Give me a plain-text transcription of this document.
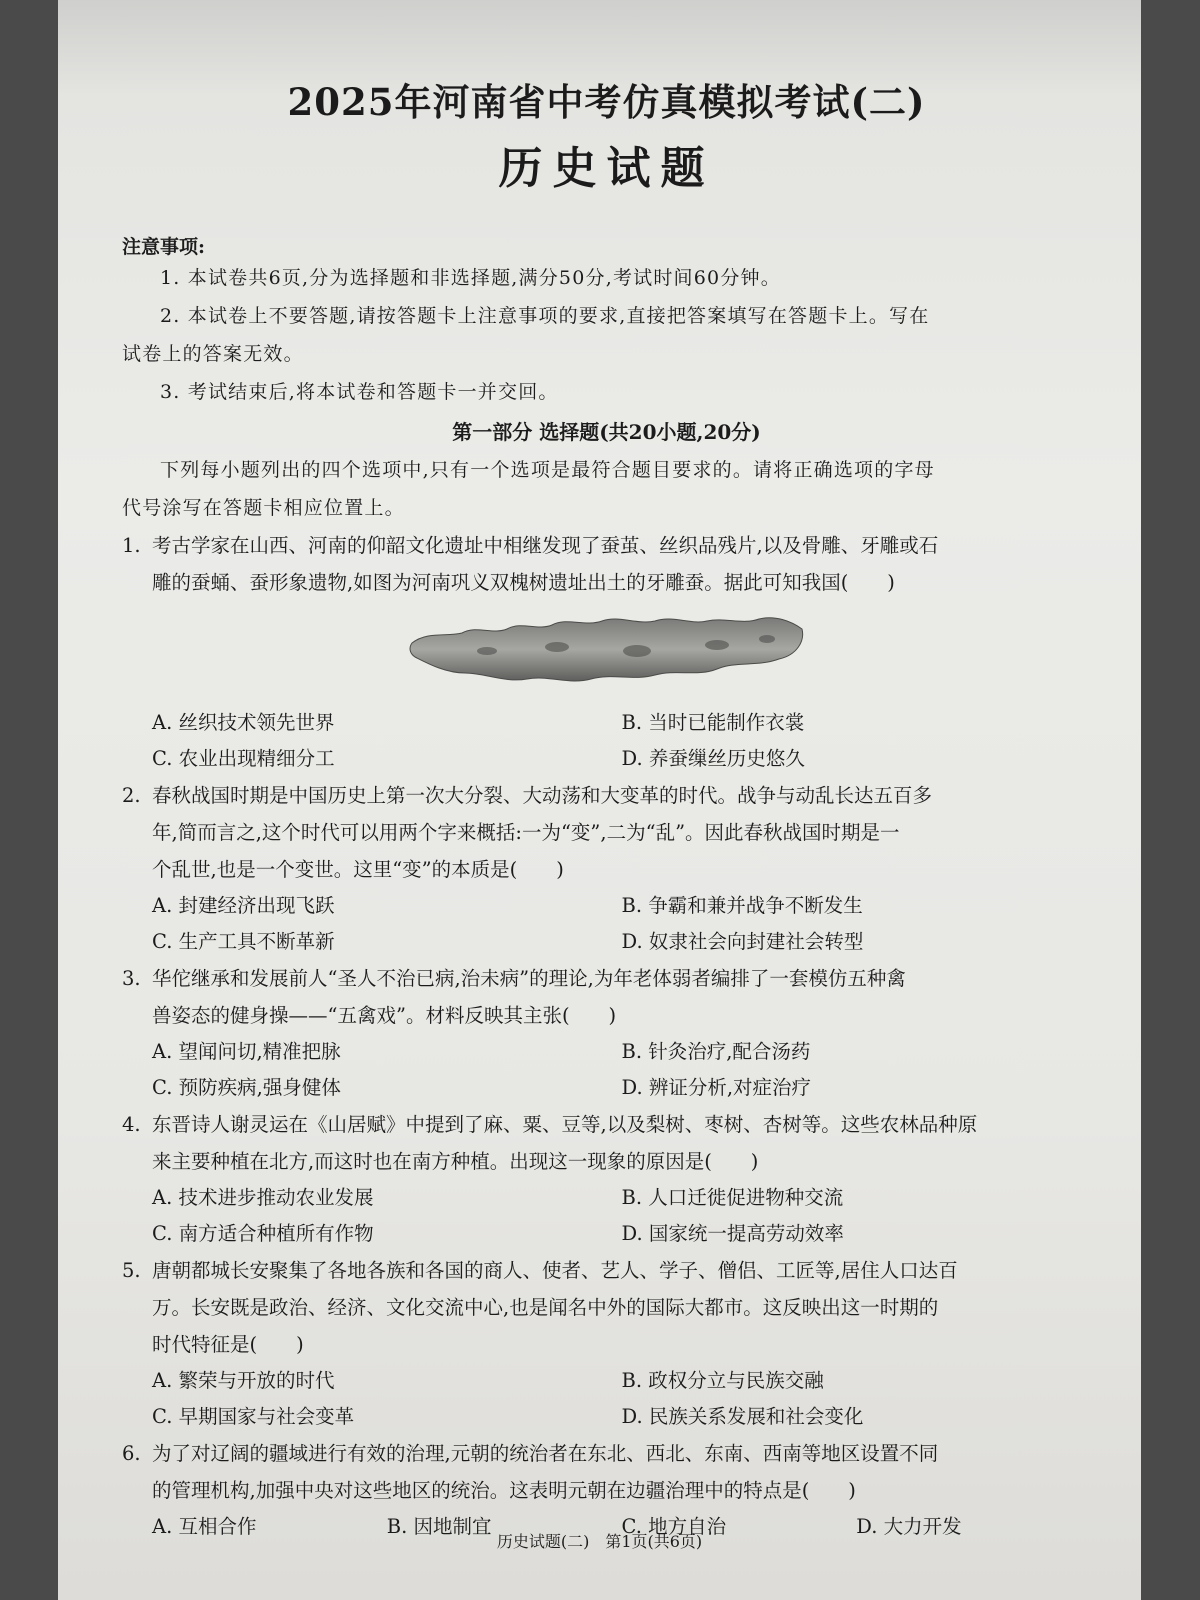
2025年河南省中考仿真模拟考试(二)
历史试题
注意事项:
1. 本试卷共6页,分为选择题和非选择题,满分50分,考试时间60分钟。
2. 本试卷上不要答题,请按答题卡上注意事项的要求,直接把答案填写在答题卡上。写在
试卷上的答案无效。
3. 考试结束后,将本试卷和答题卡一并交回。
第一部分 选择题(共20小题,20分)
下列每小题列出的四个选项中,只有一个选项是最符合题目要求的。请将正确选项的字母
代号涂写在答题卡相应位置上。
1. 考古学家在山西、河南的仰韶文化遗址中相继发现了蚕茧、丝织品残片,以及骨雕、牙雕或石
雕的蚕蛹、蚕形象遗物,如图为河南巩义双槐树遗址出土的牙雕蚕。据此可知我国(　　)
A. 丝织技术领先世界	B. 当时已能制作衣裳
C. 农业出现精细分工	D. 养蚕缫丝历史悠久
2. 春秋战国时期是中国历史上第一次大分裂、大动荡和大变革的时代。战争与动乱长达五百多
年,简而言之,这个时代可以用两个字来概括:一为“变”,二为“乱”。因此春秋战国时期是一
个乱世,也是一个变世。这里“变”的本质是(　　)
A. 封建经济出现飞跃	B. 争霸和兼并战争不断发生
C. 生产工具不断革新	D. 奴隶社会向封建社会转型
3. 华佗继承和发展前人“圣人不治已病,治未病”的理论,为年老体弱者编排了一套模仿五种禽
兽姿态的健身操——“五禽戏”。材料反映其主张(　　)
A. 望闻问切,精准把脉	B. 针灸治疗,配合汤药
C. 预防疾病,强身健体	D. 辨证分析,对症治疗
4. 东晋诗人谢灵运在《山居赋》中提到了麻、粟、豆等,以及梨树、枣树、杏树等。这些农林品种原
来主要种植在北方,而这时也在南方种植。出现这一现象的原因是(　　)
A. 技术进步推动农业发展	B. 人口迁徙促进物种交流
C. 南方适合种植所有作物	D. 国家统一提高劳动效率
5. 唐朝都城长安聚集了各地各族和各国的商人、使者、艺人、学子、僧侣、工匠等,居住人口达百
万。长安既是政治、经济、文化交流中心,也是闻名中外的国际大都市。这反映出这一时期的
时代特征是(　　)
A. 繁荣与开放的时代	B. 政权分立与民族交融
C. 早期国家与社会变革	D. 民族关系发展和社会变化
6. 为了对辽阔的疆域进行有效的治理,元朝的统治者在东北、西北、东南、西南等地区设置不同
的管理机构,加强中央对这些地区的统治。这表明元朝在边疆治理中的特点是(　　)
A. 互相合作	B. 因地制宜	C. 地方自治	D. 大力开发
历史试题(二)　第1页(共6页)
